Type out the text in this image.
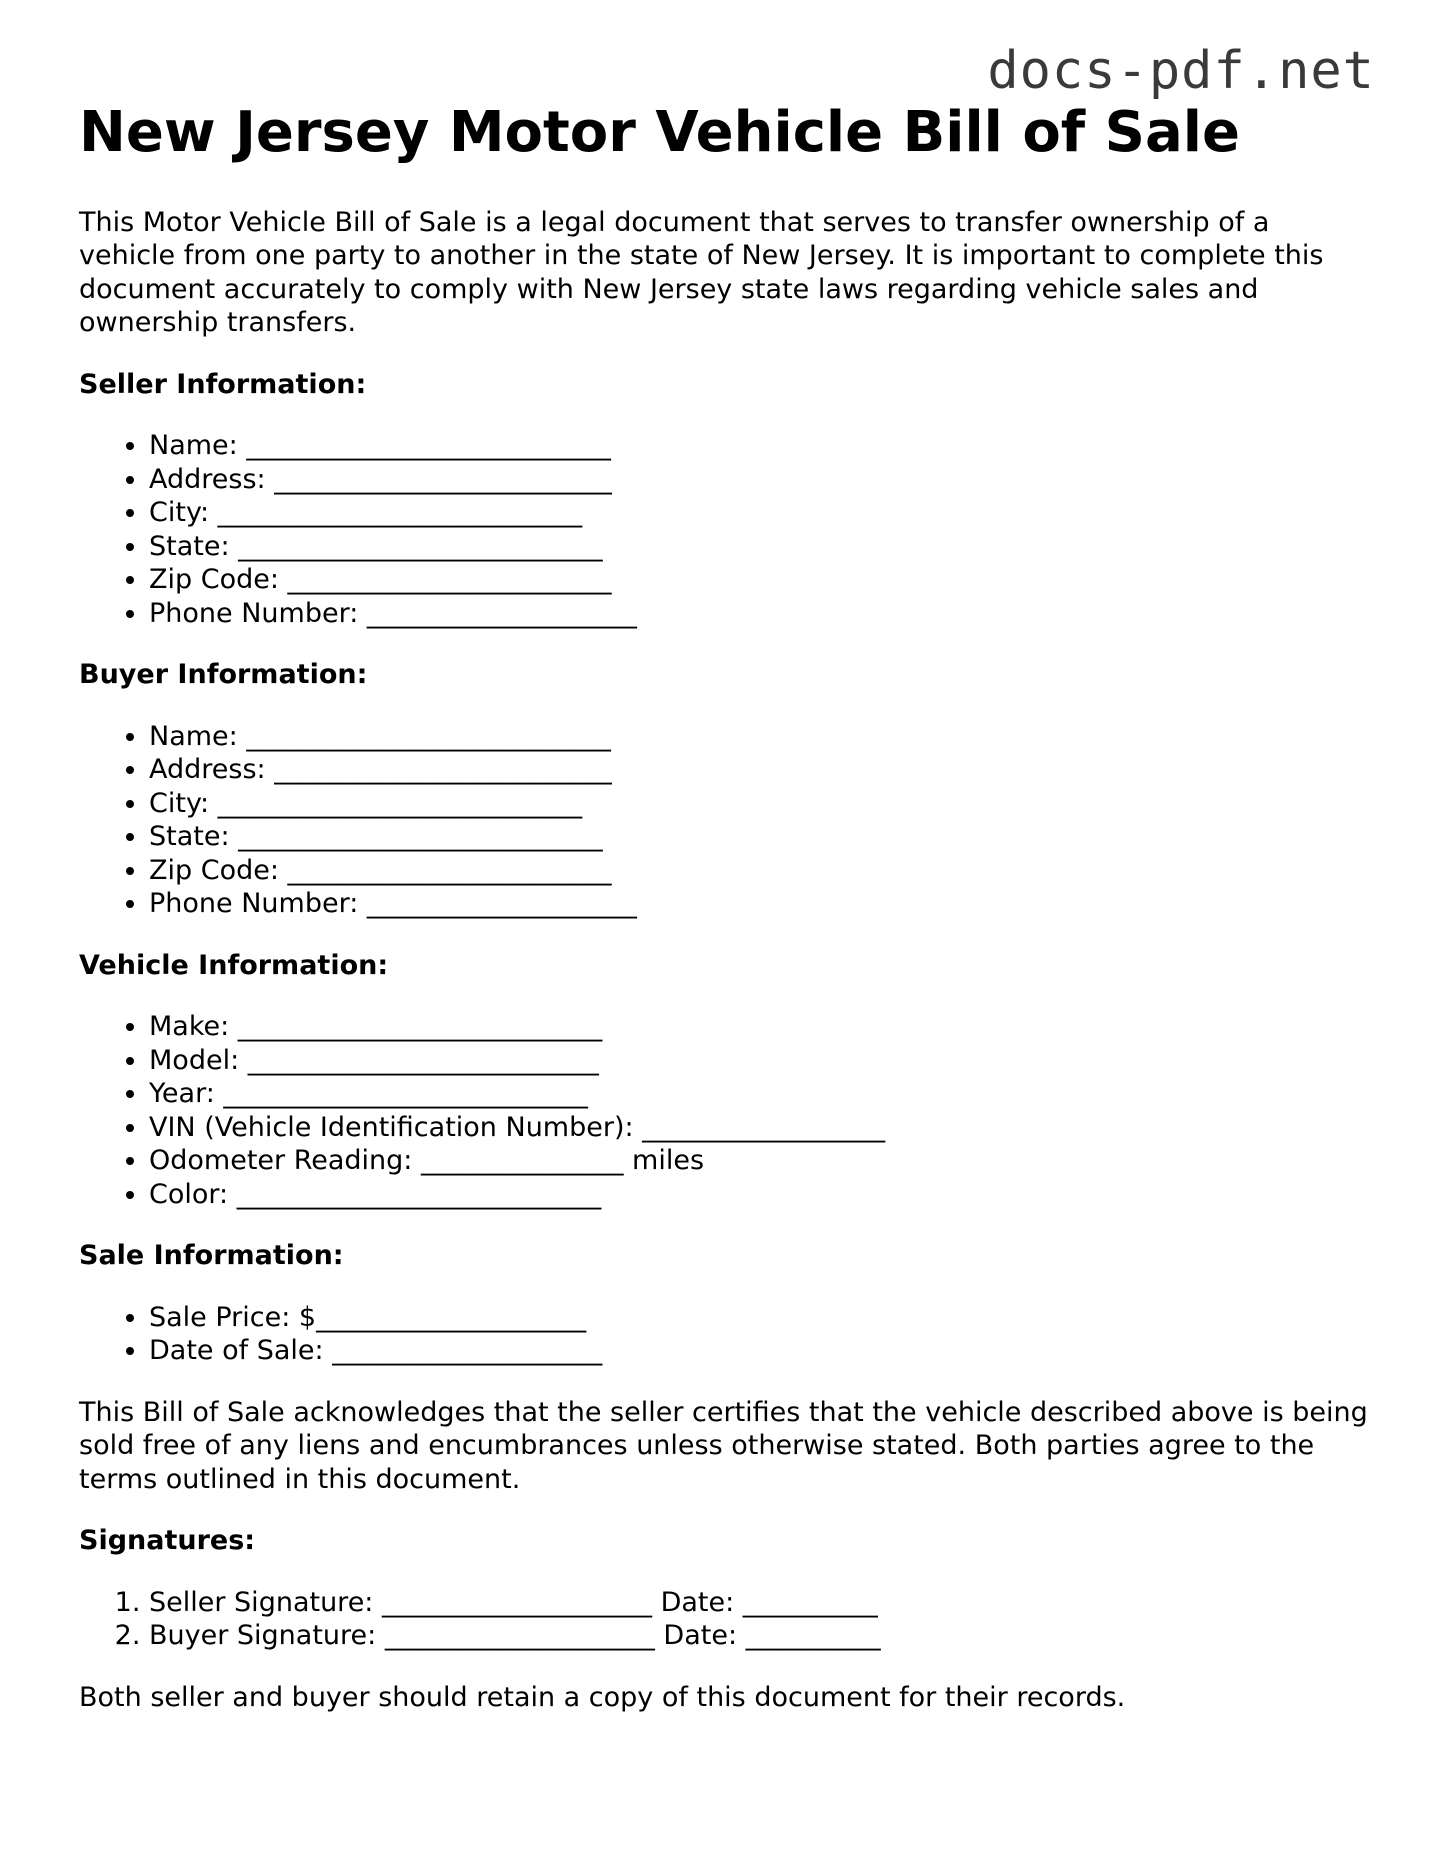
docs-pdf.net
New Jersey Motor Vehicle Bill of Sale

This Motor Vehicle Bill of Sale is a legal document that serves to transfer ownership of a vehicle from one party to another in the state of New Jersey. It is important to complete this document accurately to comply with New Jersey state laws regarding vehicle sales and ownership transfers.

Seller Information:
• Name: ___________________________
• Address: _________________________
• City: ___________________________
• State: ___________________________
• Zip Code: ________________________
• Phone Number: ____________________
Buyer Information:
• Name: ___________________________
• Address: _________________________
• City: ___________________________
• State: ___________________________
• Zip Code: ________________________
• Phone Number: ____________________
Vehicle Information:
• Make: ___________________________
• Model: __________________________
• Year: ___________________________
• VIN (Vehicle Identification Number): __________________
• Odometer Reading: _______________ miles
• Color: ___________________________
Sale Information:
• Sale Price: $____________________
• Date of Sale: ____________________

This Bill of Sale acknowledges that the seller certifies that the vehicle described above is being sold free of any liens and encumbrances unless otherwise stated. Both parties agree to the terms outlined in this document.

Signatures:
1. Seller Signature: ____________________ Date: __________
2. Buyer Signature: ____________________ Date: __________

Both seller and buyer should retain a copy of this document for their records.
